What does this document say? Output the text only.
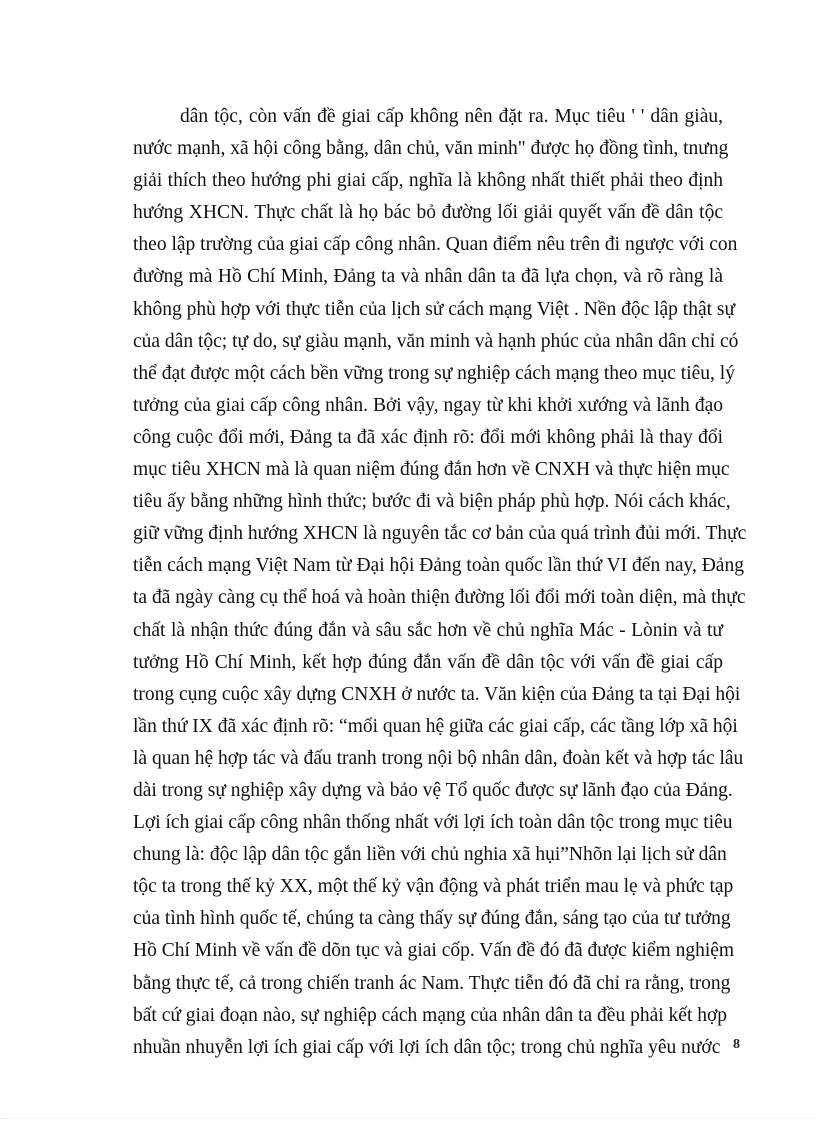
dân tộc, còn vấn đề giai cấp không nên đặt ra. Mục tiêu ' ' dân giàu,
nước mạnh, xã hội công bằng, dân chủ, văn minh" được họ đồng tình, tnưng
giải thích theo hướng phi giai cấp, nghĩa là không nhất thiết phải theo định
hướng XHCN. Thực chất là họ bác bỏ đường lối giải quyết vấn đề dân tộc
theo lập trường của giai cấp công nhân. Quan điểm nêu trên đi ngược với con
đường mà Hồ Chí Minh, Đảng ta và nhân dân ta đã lựa chọn, và rõ ràng là
không phù hợp với thực tiễn của lịch sử cách mạng Việt . Nền độc lập thật sự
của dân tộc; tự do, sự giàu mạnh, văn minh và hạnh phúc của nhân dân chỉ có
thể đạt được một cách bền vững trong sự nghiệp cách mạng theo mục tiêu, lý
tưởng của giai cấp công nhân. Bởi vậy, ngay từ khi khởi xướng và lãnh đạo
công cuộc đổi mới, Đảng ta đã xác định rõ: đổi mới không phải là thay đổi
mục tiêu XHCN mà là quan niệm đúng đắn hơn về CNXH và thực hiện mục
tiêu ấy bằng những hình thức; bước đi và biện pháp phù hợp. Nói cách khác,
giữ vững định hướng XHCN là nguyên tắc cơ bản của quá trình đủi mới. Thực
tiễn cách mạng Việt Nam từ Đại hội Đảng toàn quốc lần thứ VI đến nay, Đảng
ta đã ngày càng cụ thể hoá và hoàn thiện đường lối đổi mới toàn diện, mà thực
chất là nhận thức đúng đắn và sâu sắc hơn về chủ nghĩa Mác - Lònin và tư
tưởng Hồ Chí Minh, kết hợp đúng đắn vấn đề dân tộc với vấn đề giai cấp
trong cụng cuộc xây dựng CNXH ở nước ta. Văn kiện của Đảng ta tại Đại hội
lần thứ IX đã xác định rõ: “mối quan hệ giữa các giai cấp, các tầng lớp xã hội
là quan hệ hợp tác và đấu tranh trong nội bộ nhân dân, đoàn kết và hợp tác lâu
dài trong sự nghiệp xây dựng và bảo vệ Tổ quốc được sự lãnh đạo của Đảng.
Lợi ích giai cấp công nhân thống nhất với lợi ích toàn dân tộc trong mục tiêu
chung là: độc lập dân tộc gắn liền với chủ nghia xã hụi”Nhõn lại lịch sử dân
tộc ta trong thế kỷ XX, một thế kỷ vận động và phát triển mau lẹ và phức tạp
của tình hình quốc tế, chúng ta càng thấy sự đúng đắn, sáng tạo của tư tưởng
Hồ Chí Minh về vấn đề dõn tục và giai cốp. Vấn đề đó đã được kiểm nghiệm
bằng thực tế, cả trong chiến tranh ác Nam. Thực tiễn đó đã chỉ ra rằng, trong
bất cứ giai đoạn nào, sự nghiệp cách mạng của nhân dân ta đều phải kết hợp
nhuần nhuyễn lợi ích giai cấp với lợi ích dân tộc; trong chủ nghĩa yêu nước 8
